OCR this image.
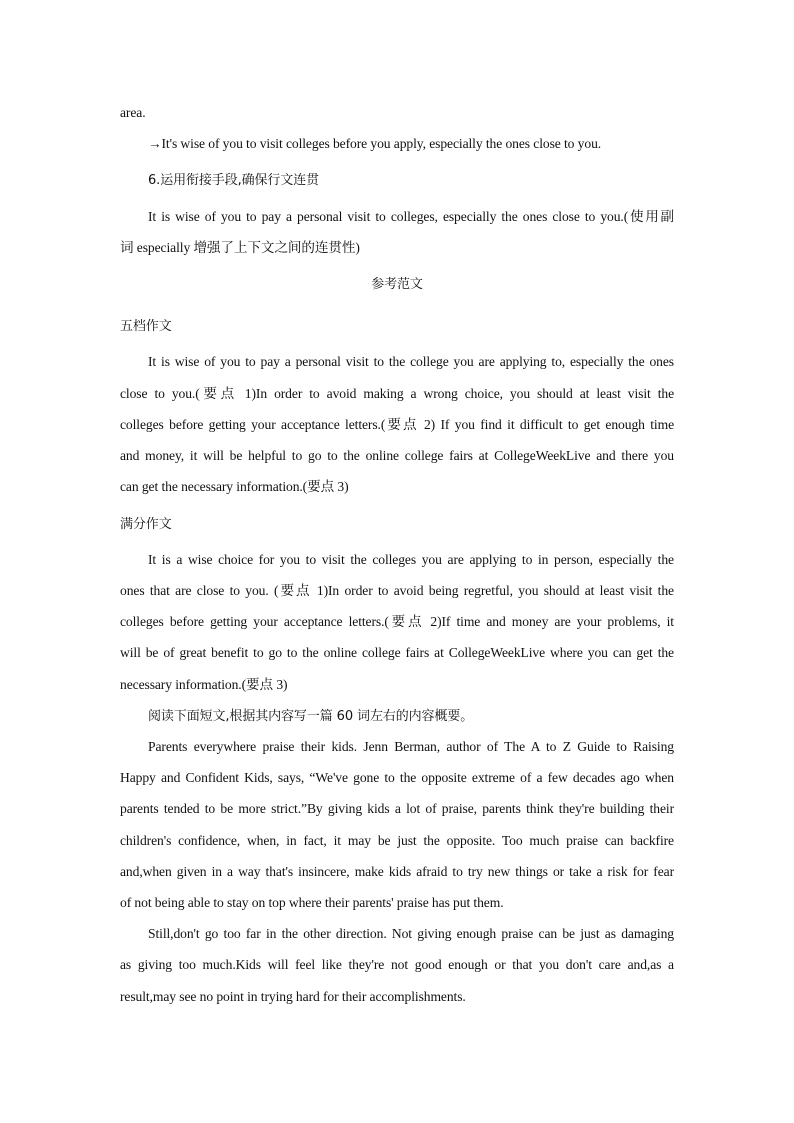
area.
→It's wise of you to visit colleges before you apply, especially the ones close to you.
6.运用衔接手段,确保行文连贯
It is wise of you to pay a personal visit to colleges, especially the ones close to you.(使用副
词 especially 增强了上下文之间的连贯性)
参考范文
五档作文
It is wise of you to pay a personal visit to the college you are applying to, especially the ones
close to you.(要点 1)In order to avoid making a wrong choice, you should at least visit the
colleges before getting your acceptance letters.(要点 2) If you find it difficult to get enough time
and money, it will be helpful to go to the online college fairs at CollegeWeekLive and there you
can get the necessary information.(要点 3)
满分作文
It is a wise choice for you to visit the colleges you are applying to in person, especially the
ones that are close to you. (要点 1)In order to avoid being regretful, you should at least visit the
colleges before getting your acceptance letters.(要点 2)If time and money are your problems, it
will be of great benefit to go to the online college fairs at CollegeWeekLive where you can get the
necessary information.(要点 3)
阅读下面短文,根据其内容写一篇 60 词左右的内容概要。
Parents everywhere praise their kids. Jenn Berman, author of The A to Z Guide to Raising
Happy and Confident Kids, says, “We've gone to the opposite extreme of a few decades ago when
parents tended to be more strict.”By giving kids a lot of praise, parents think they're building their
children's confidence, when, in fact, it may be just the opposite. Too much praise can backfire
and,when given in a way that's insincere, make kids afraid to try new things or take a risk for fear
of not being able to stay on top where their parents' praise has put them.
Still,don't go too far in the other direction. Not giving enough praise can be just as damaging
as giving too much.Kids will feel like they're not good enough or that you don't care and,as a
result,may see no point in trying hard for their accomplishments.
